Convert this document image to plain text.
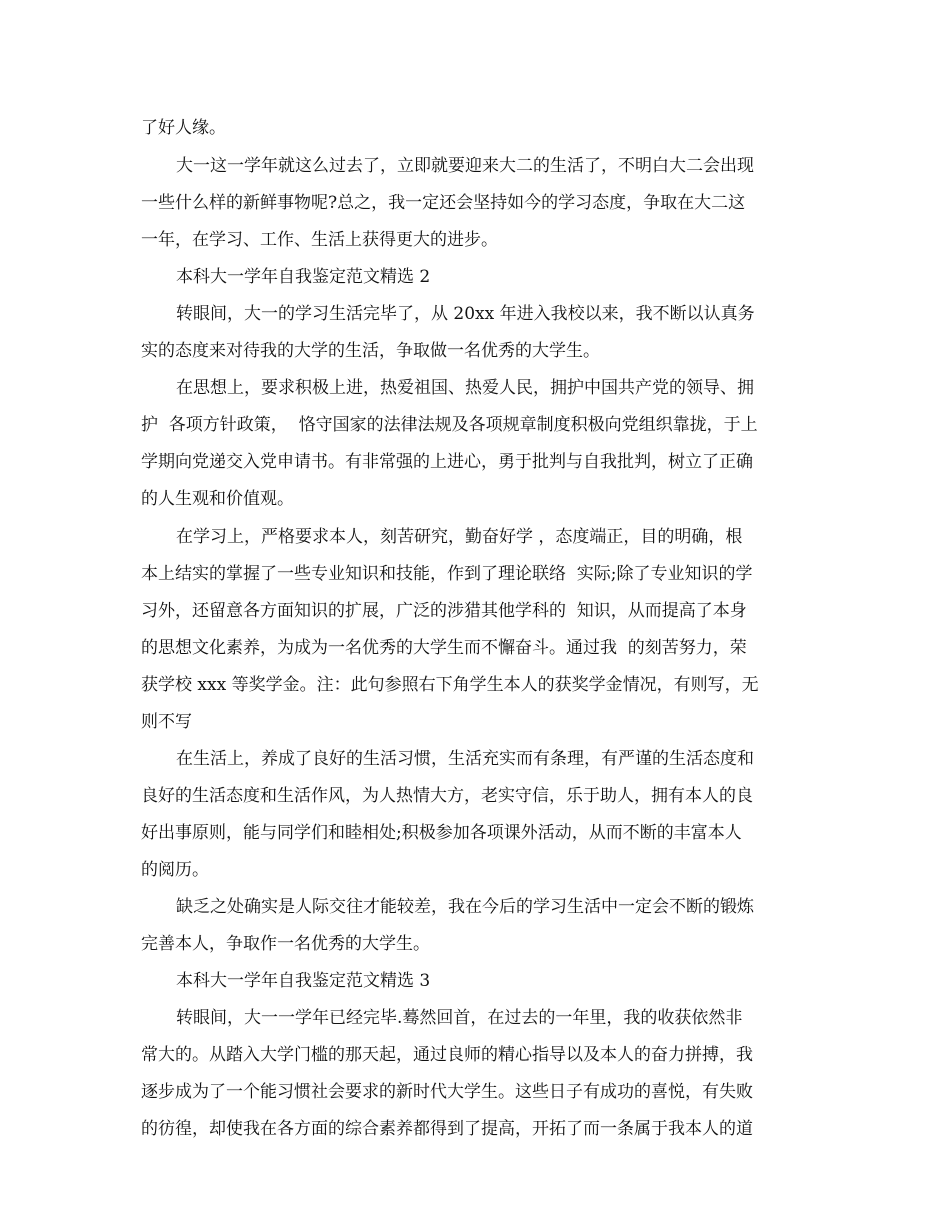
了好人缘。
大一这一学年就这么过去了，立即就要迎来大二的生活了，不明白大二会出现
一些什么样的新鲜事物呢?总之，我一定还会坚持如今的学习态度，争取在大二这
一年，在学习、工作、生活上获得更大的进步。
本科大一学年自我鉴定范文精选 2
转眼间，大一的学习生活完毕了，从 20xx 年进入我校以来，我不断以认真务
实的态度来对待我的大学的生活，争取做一名优秀的大学生。
在思想上，要求积极上进，热爱祖国、热爱人民，拥护中国共产党的领导、拥
护  各项方针政策，  恪守国家的法律法规及各项规章制度积极向党组织靠拢，于上
学期向党递交入党申请书。有非常强的上进心，勇于批判与自我批判，树立了正确
的人生观和价值观。
在学习上，严格要求本人，刻苦研究，勤奋好学 ，态度端正，目的明确，根
本上结实的掌握了一些专业知识和技能，作到了理论联络  实际;除了专业知识的学
习外，还留意各方面知识的扩展，广泛的涉猎其他学科的  知识，从而提高了本身
的思想文化素养，为成为一名优秀的大学生而不懈奋斗。通过我  的刻苦努力，荣
获学校 xxx 等奖学金。注：此句参照右下角学生本人的获奖学金情况，有则写，无
则不写
在生活上，养成了良好的生活习惯，生活充实而有条理，有严谨的生活态度和
良好的生活态度和生活作风，为人热情大方，老实守信，乐于助人，拥有本人的良
好出事原则，能与同学们和睦相处;积极参加各项课外活动，从而不断的丰富本人
的阅历。
缺乏之处确实是人际交往才能较差，我在今后的学习生活中一定会不断的锻炼
完善本人，争取作一名优秀的大学生。
本科大一学年自我鉴定范文精选 3
转眼间，大一一学年已经完毕.蓦然回首，在过去的一年里，我的收获依然非
常大的。从踏入大学门槛的那天起，通过良师的精心指导以及本人的奋力拼搏，我
逐步成为了一个能习惯社会要求的新时代大学生。这些日子有成功的喜悦，有失败
的彷徨，却使我在各方面的综合素养都得到了提高，开拓了而一条属于我本人的道
